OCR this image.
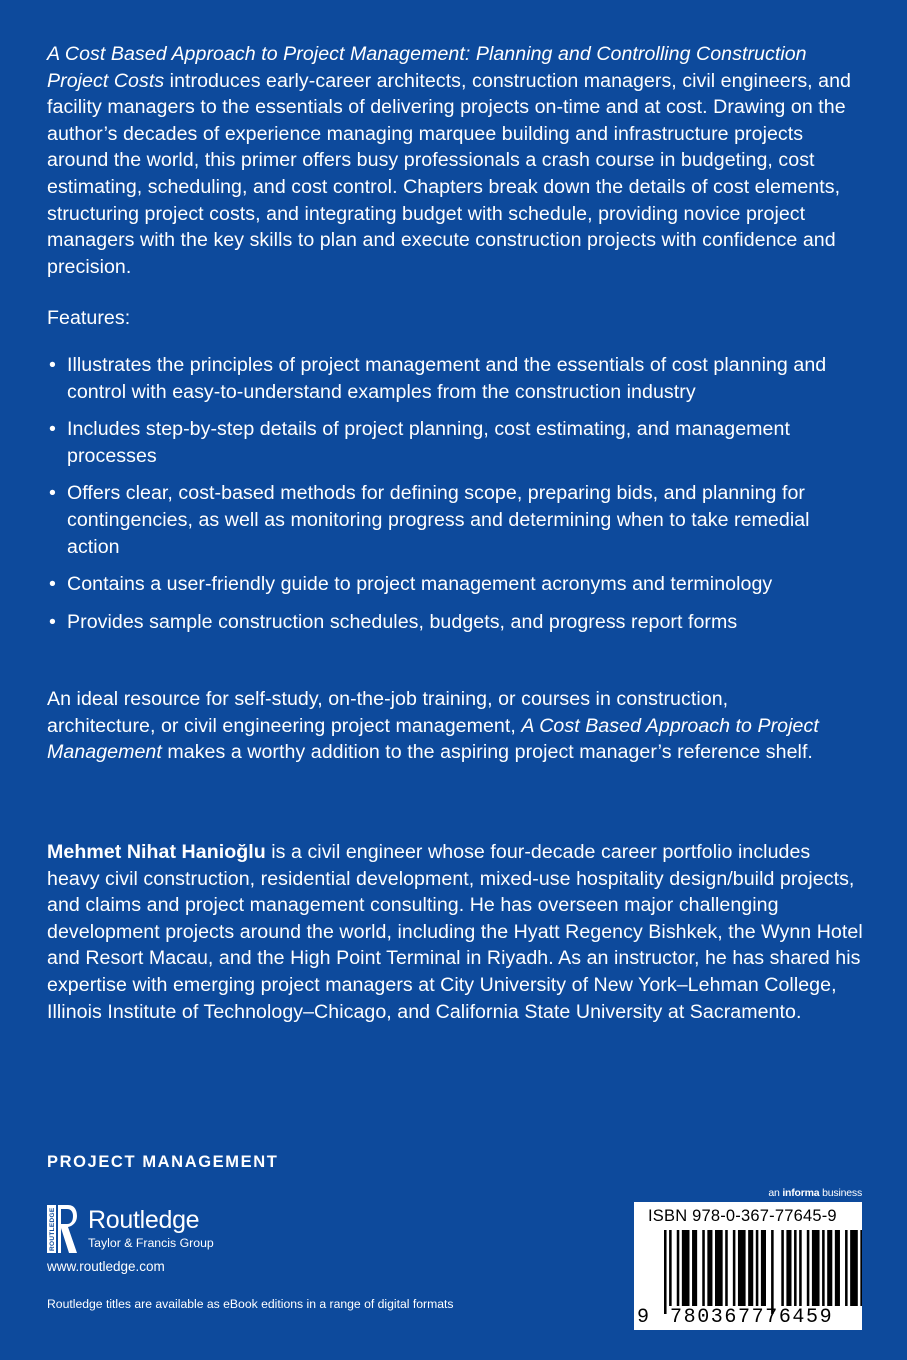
A Cost Based Approach to Project Management: Planning and Controlling Construction Project Costs introduces early-career architects, construction managers, civil engineers, and facility managers to the essentials of delivering projects on-time and at cost. Drawing on the author’s decades of experience managing marquee building and infrastructure projects around the world, this primer offers busy professionals a crash course in budgeting, cost estimating, scheduling, and cost control. Chapters break down the details of cost elements, structuring project costs, and integrating budget with schedule, providing novice project managers with the key skills to plan and execute construction projects with confidence and precision.

Features:

• Illustrates the principles of project management and the essentials of cost planning and control with easy-to-understand examples from the construction industry
• Includes step-by-step details of project planning, cost estimating, and management processes
• Offers clear, cost-based methods for defining scope, preparing bids, and planning for contingencies, as well as monitoring progress and determining when to take remedial action
• Contains a user-friendly guide to project management acronyms and terminology
• Provides sample construction schedules, budgets, and progress report forms

An ideal resource for self-study, on-the-job training, or courses in construction, architecture, or civil engineering project management, A Cost Based Approach to Project Management makes a worthy addition to the aspiring project manager’s reference shelf.

Mehmet Nihat Hanioğlu is a civil engineer whose four-decade career portfolio includes heavy civil construction, residential development, mixed-use hospitality design/build projects, and claims and project management consulting. He has overseen major challenging development projects around the world, including the Hyatt Regency Bishkek, the Wynn Hotel and Resort Macau, and the High Point Terminal in Riyadh. As an instructor, he has shared his expertise with emerging project managers at City University of New York–Lehman College, Illinois Institute of Technology–Chicago, and California State University at Sacramento.

PROJECT MANAGEMENT
ROUTLEDGE Routledge
Taylor & Francis Group
www.routledge.com
Routledge titles are available as eBook editions in a range of digital formats
an informa business
ISBN 978-0-367-77645-9
9 780367776459
